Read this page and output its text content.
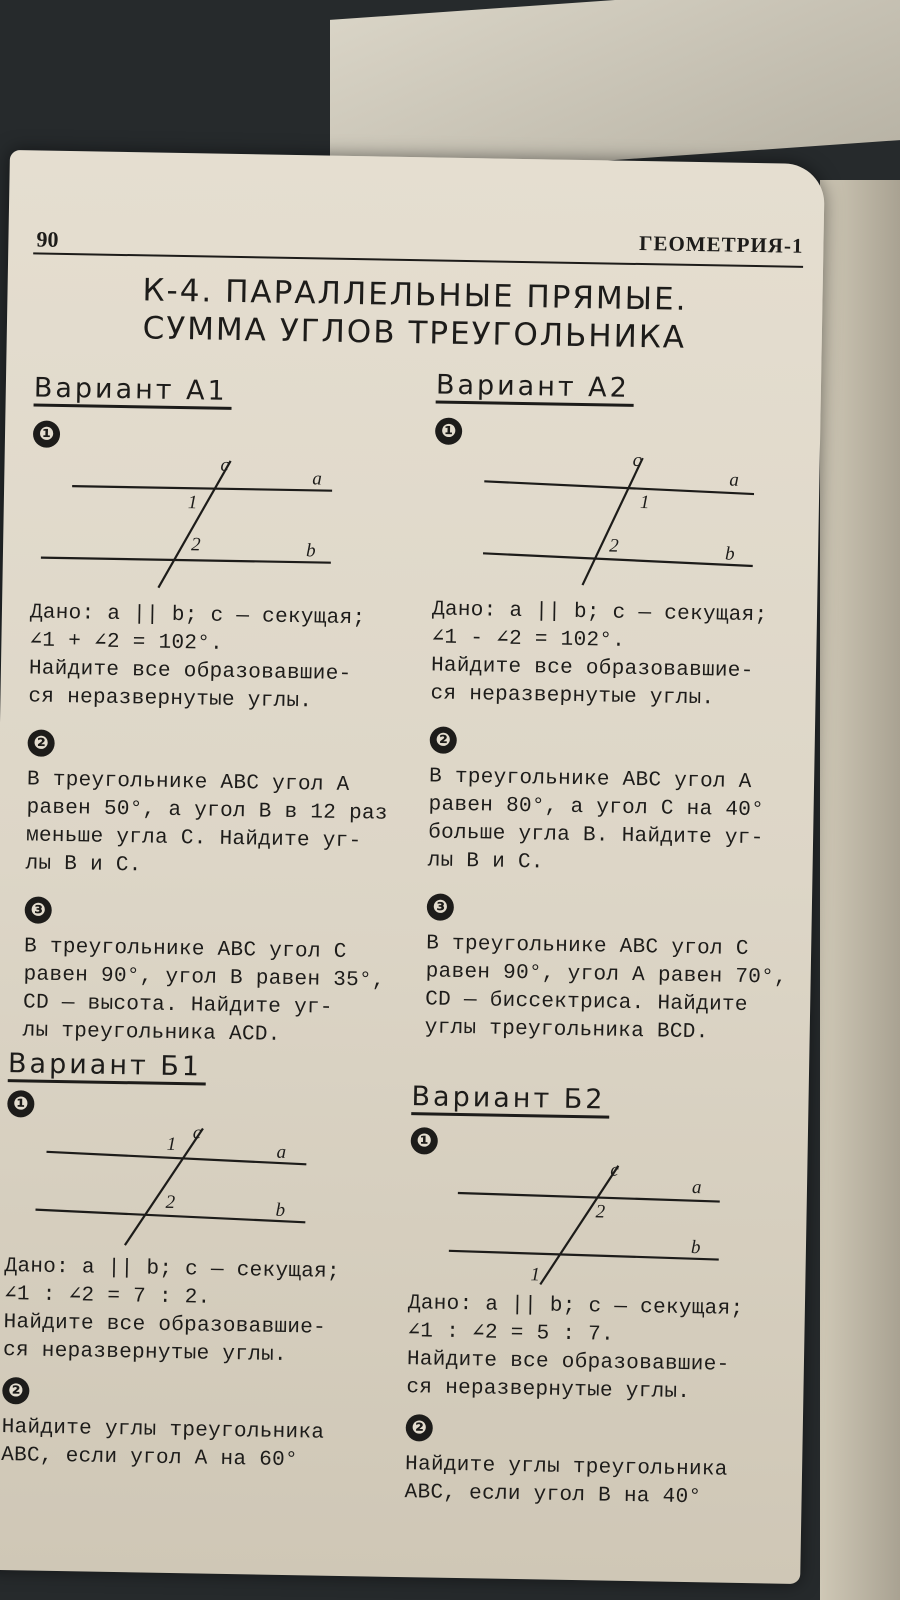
90	ГЕОМЕТРИЯ-1
К-4. ПАРАЛЛЕЛЬНЫЕ ПРЯМЫЕ.
СУММА УГЛОВ ТРЕУГОЛЬНИКА
Вариант А1
❶
c
a
b
1
2
Дано: a || b; c — секущая;
∠1 + ∠2 = 102°.
Найдите все образовавшие-
ся неразвернутые углы.
❷
В треугольнике ABC угол A
равен 50°, а угол B в 12 раз
меньше угла C. Найдите уг-
лы B и C.
❸
В треугольнике ABC угол C
равен 90°, угол B равен 35°,
CD — высота. Найдите уг-
лы треугольника ACD.
Вариант А2
❶
c
a
b
1
2
Дано: a || b; c — секущая;
∠1 - ∠2 = 102°.
Найдите все образовавшие-
ся неразвернутые углы.
❷
В треугольнике ABC угол A
равен 80°, а угол C на 40°
больше угла B. Найдите уг-
лы B и C.
❸
В треугольнике ABC угол C
равен 90°, угол A равен 70°,
CD — биссектриса. Найдите
углы треугольника BCD.
Вариант Б1
❶
c
a
b
1
2
Дано: a || b; c — секущая;
∠1 : ∠2 = 7 : 2.
Найдите все образовавшие-
ся неразвернутые углы.
❷
Найдите углы треугольника
ABC, если угол A на 60°
Вариант Б2
❶
c
a
b
2
1
Дано: a || b; c — секущая;
∠1 : ∠2 = 5 : 7.
Найдите все образовавшие-
ся неразвернутые углы.
❷
Найдите углы треугольника
ABC, если угол B на 40°
